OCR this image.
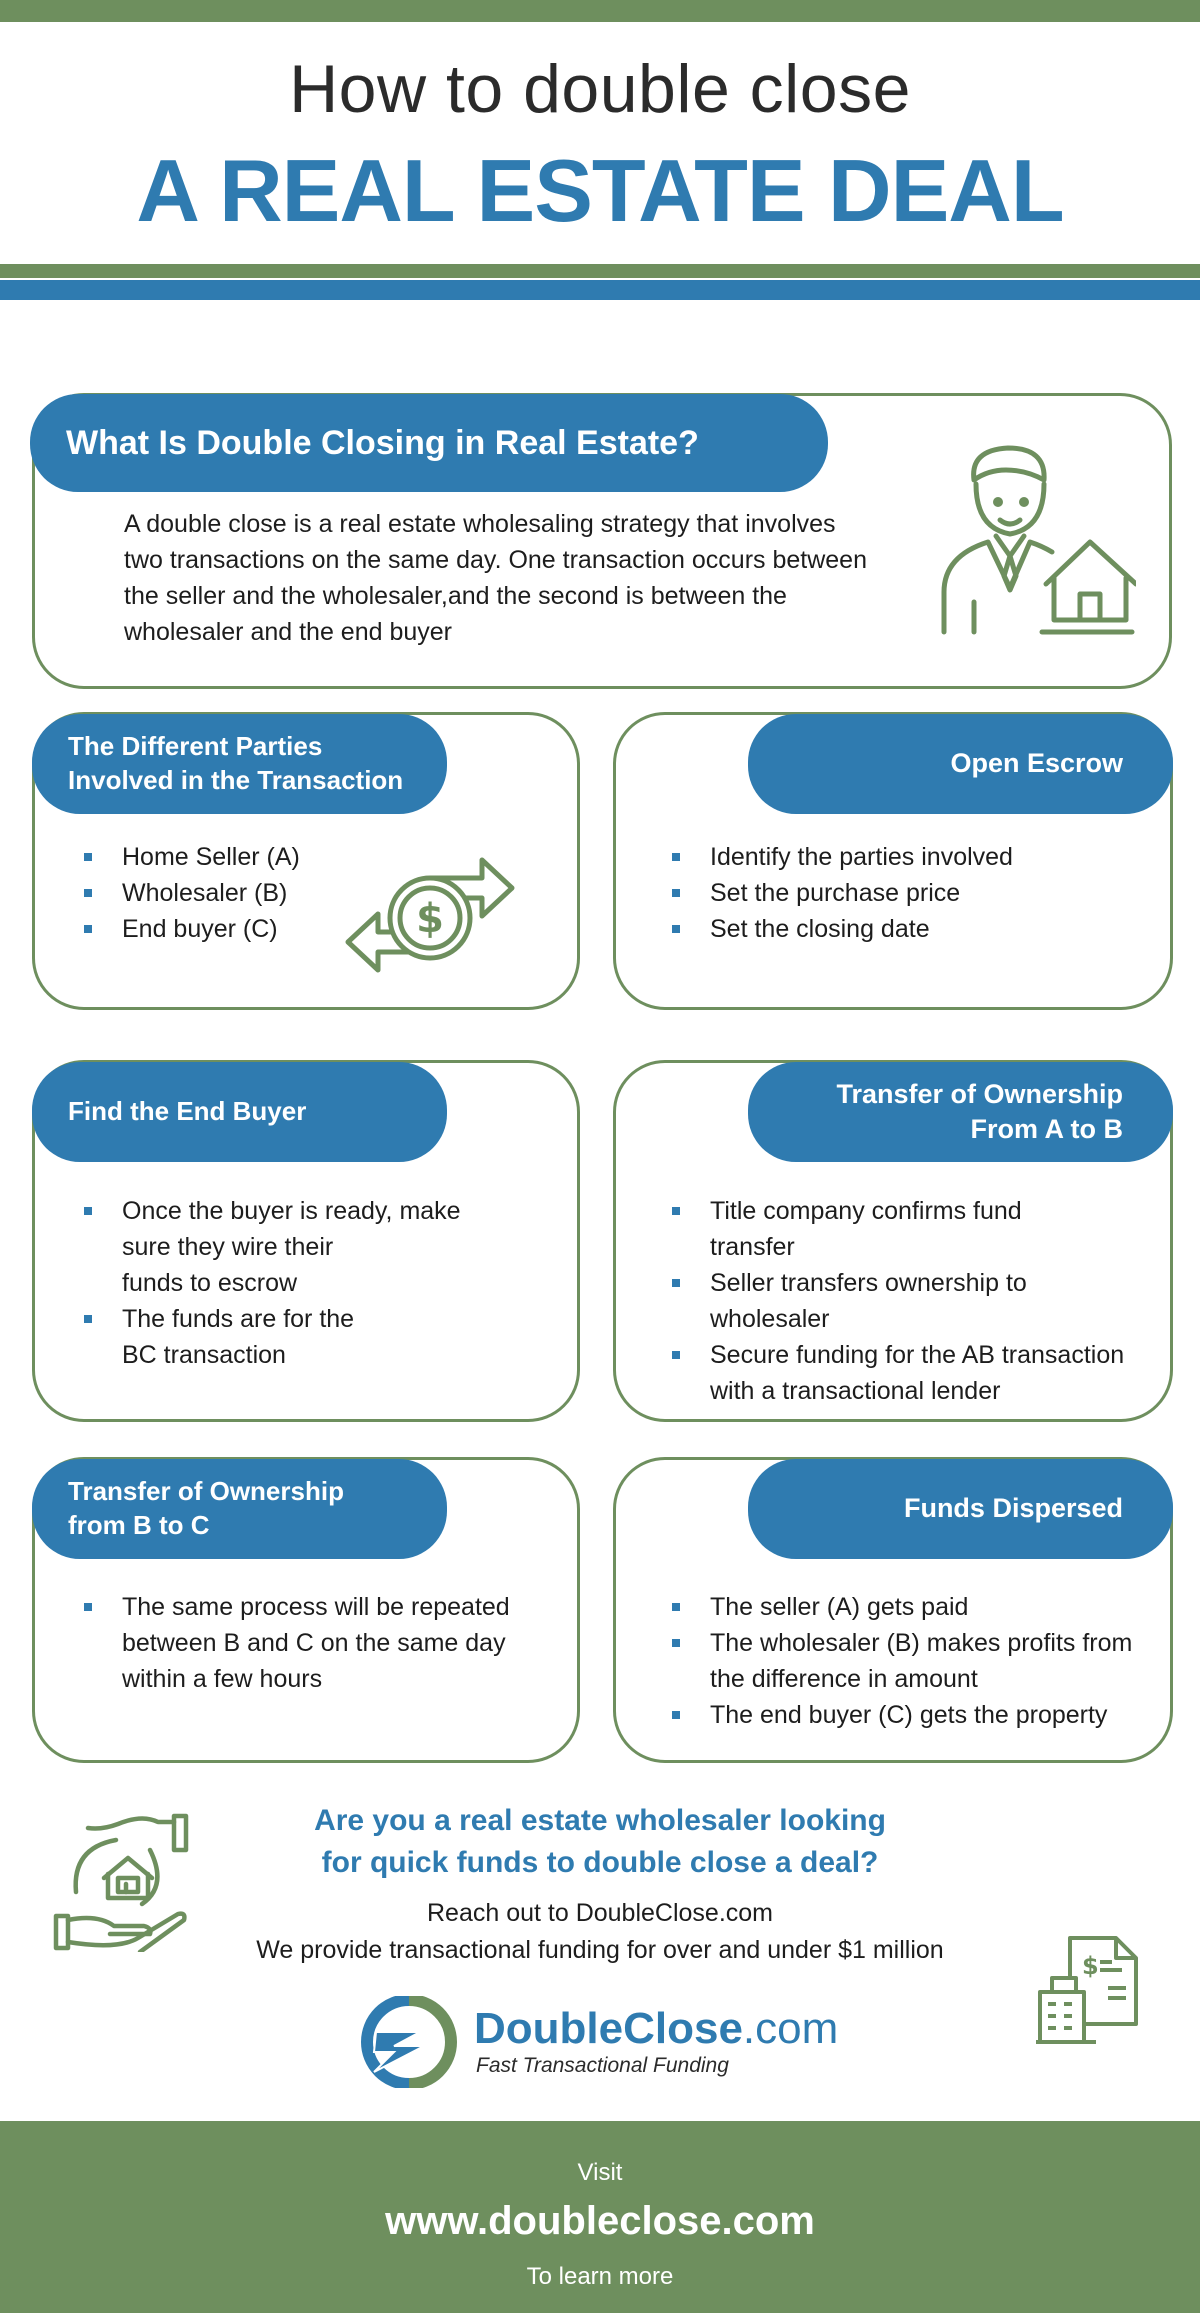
How to double close
A REAL ESTATE DEAL
What Is Double Closing in Real Estate?
A double close is a real estate wholesaling strategy that involves
two transactions on the same day. One transaction occurs between
the seller and the wholesaler,and the second is between the
wholesaler and the end buyer
The Different Parties
Involved in the Transaction
Home Seller (A)
Wholesaler (B)
End buyer (C)	$
Open Escrow
Identify the parties involved
Set the purchase price
Set the closing date
Find the End Buyer
Once the buyer is ready, make
sure they wire their
funds to escrow
The funds are for the
BC transaction
Transfer of Ownership
From A to B
Title company confirms fund
transfer
Seller transfers ownership to
wholesaler
Secure funding for the AB transaction
with a transactional lender
Transfer of Ownership
from B to C
The same process will be repeated
between B and C on the same day
within a few hours
Funds Dispersed
The seller (A) gets paid
The wholesaler (B) makes profits from
the difference in amount
The end buyer (C) gets the property
Are you a real estate wholesaler looking
for quick funds to double close a deal?
Reach out to DoubleClose.com
We provide transactional funding for over and under $1 million
$
DoubleClose.com
Fast Transactional Funding
Visit
www.doubleclose.com
To learn more
